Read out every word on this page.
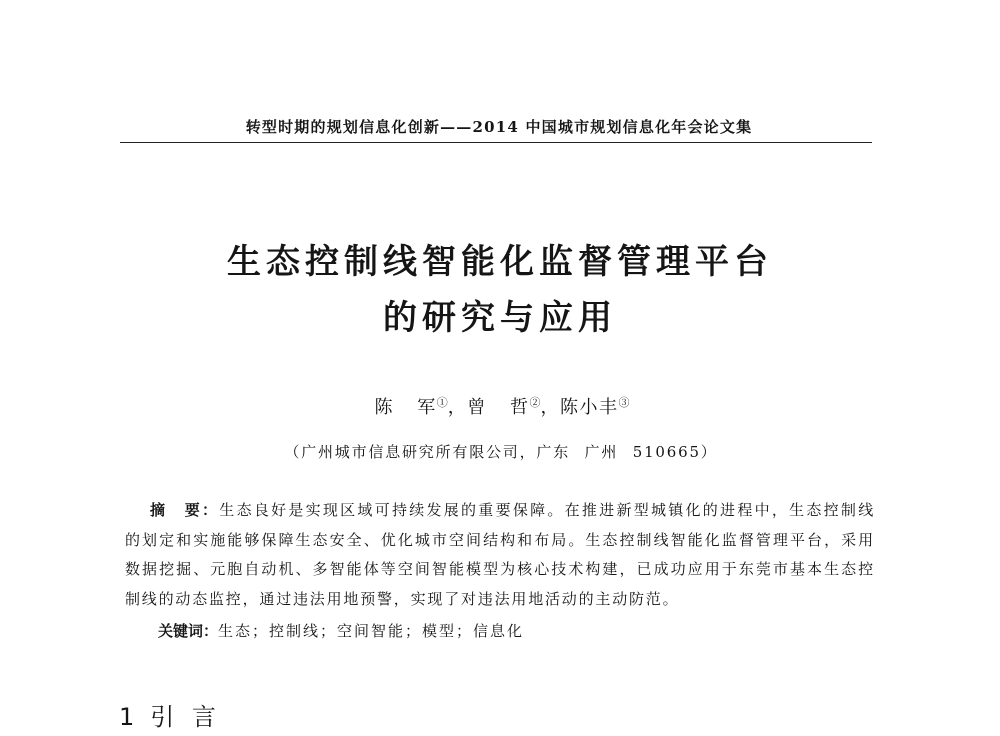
转型时期的规划信息化创新——2014 中国城市规划信息化年会论文集
生态控制线智能化监督管理平台
的研究与应用
陈 军①，曾 哲②，陈小丰③
（广州城市信息研究所有限公司，广东 广州 510665）
摘 要：生态良好是实现区域可持续发展的重要保障。在推进新型城镇化的进程中，生态控制线
的划定和实施能够保障生态安全、优化城市空间结构和布局。生态控制线智能化监督管理平台，采用
数据挖掘、元胞自动机、多智能体等空间智能模型为核心技术构建，已成功应用于东莞市基本生态控
制线的动态监控，通过违法用地预警，实现了对违法用地活动的主动防范。
关键词：生态；控制线；空间智能；模型；信息化
1 引 言
